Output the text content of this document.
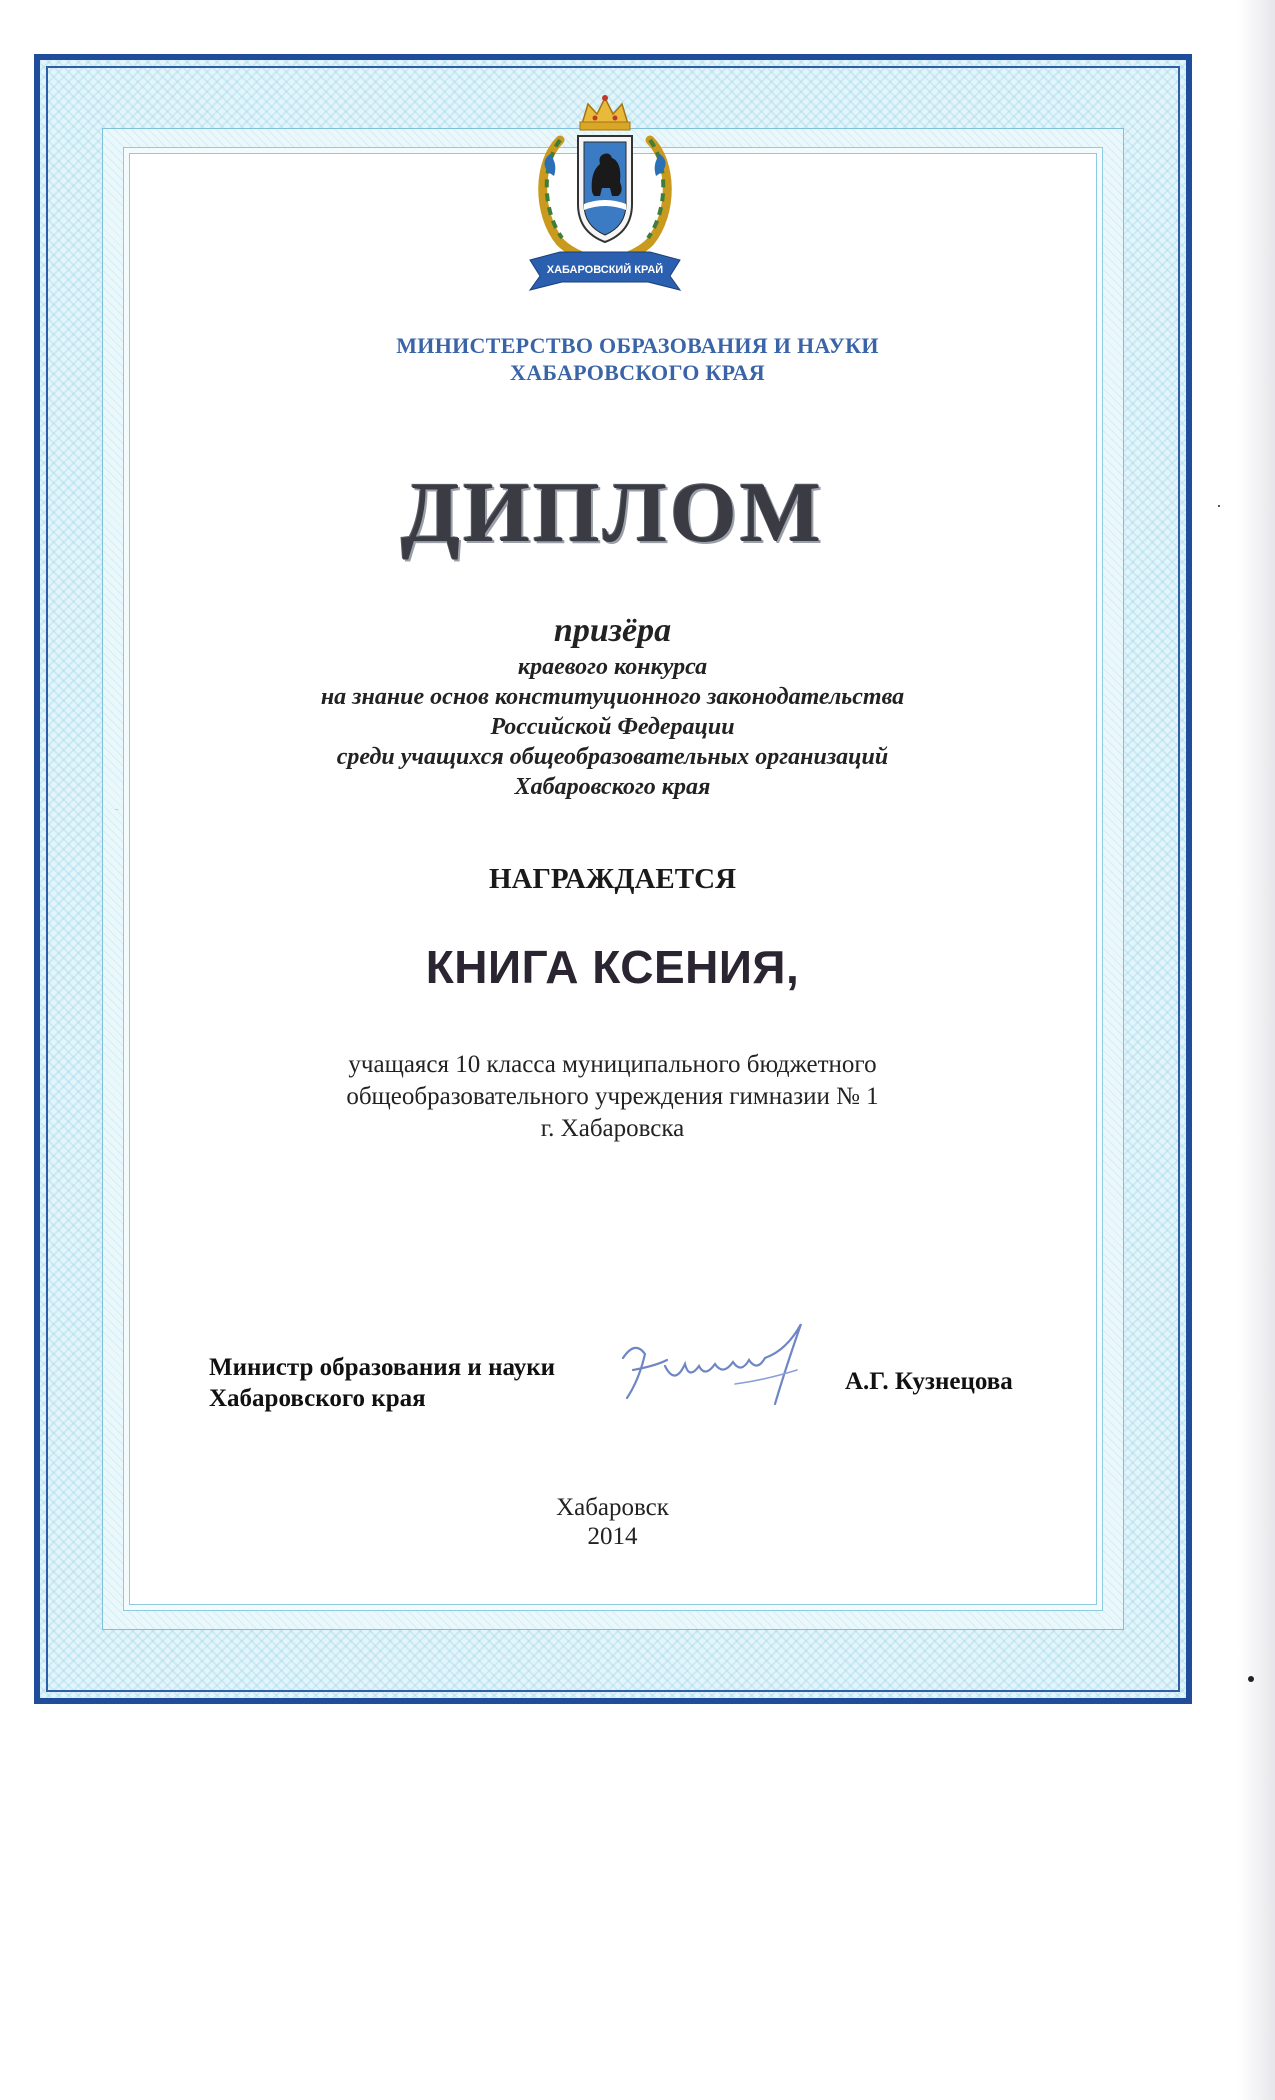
ХАБАРОВСКИЙ КРАЙ
МИНИСТЕРСТВО ОБРАЗОВАНИЯ И НАУКИ
ХАБАРОВСКОГО КРАЯ
ДИПЛОМ
призёра
краевого конкурса
на знание основ конституционного законодательства
Российской Федерации
среди учащихся общеобразовательных организаций
Хабаровского края
НАГРАЖДАЕТСЯ
КНИГА КСЕНИЯ,
учащаяся 10 класса муниципального бюджетного
общеобразовательного учреждения гимназии № 1
г. Хабаровска
Министр образования и науки
Хабаровского края
Кузнецо
А.Г. Кузнецова
Хабаровск
2014
